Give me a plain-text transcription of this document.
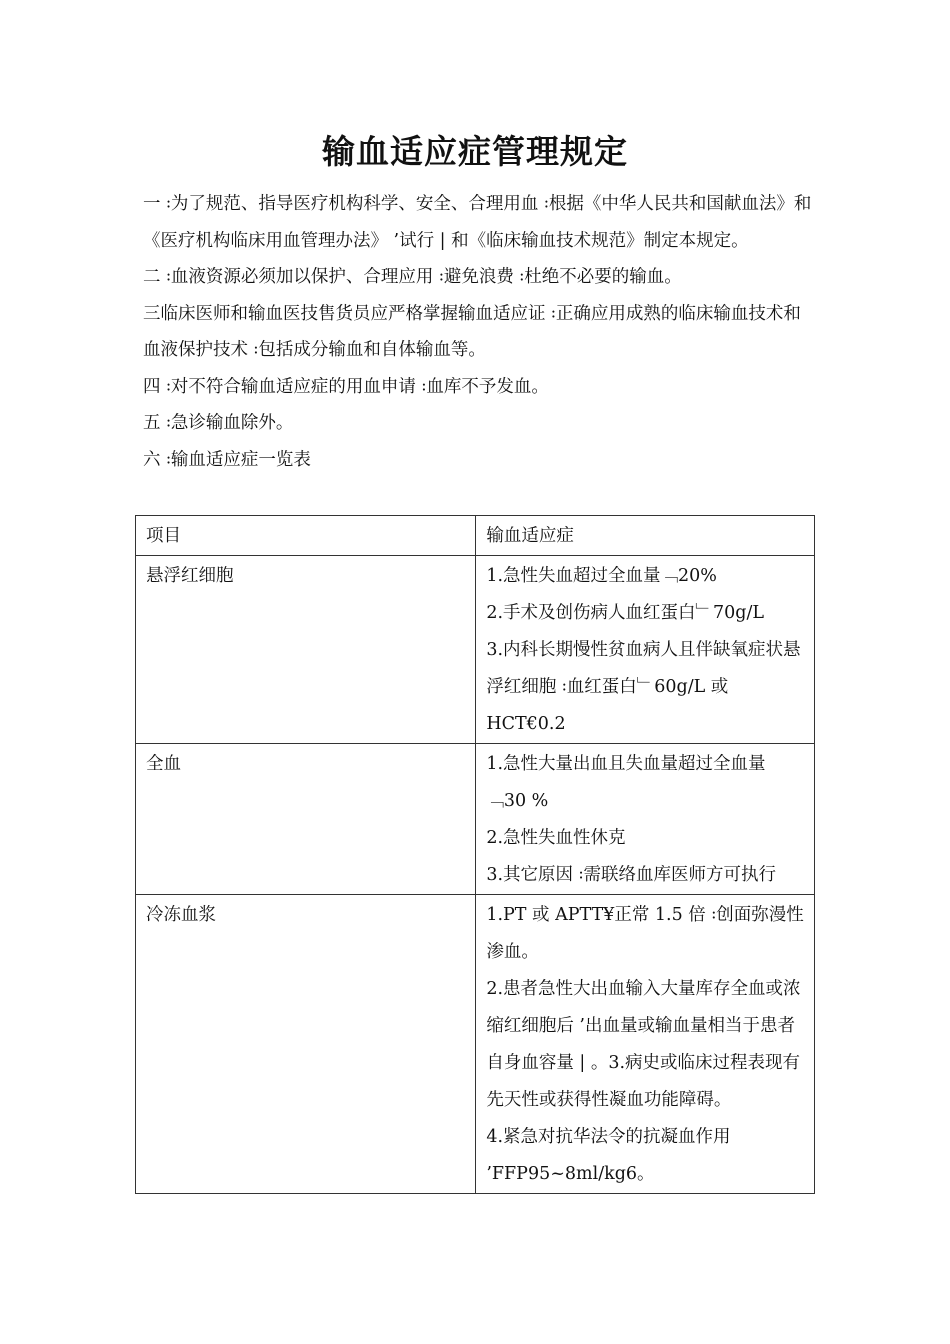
输血适应症管理规定

一 ꞉为了规范、指导医疗机构科学、安全、合理用血 ꞉根据《中华人民共和国献血法》和《医疗机构临床用血管理办法》 ’试行 | 和《临床输血技术规范》制定本规定。

二 ꞉血液资源必须加以保护、合理应用 ꞉避免浪费 ꞉杜绝不必要的输血。

三临床医师和输血医技售货员应严格掌握输血适应证 ꞉正确应用成熟的临床输血技术和血液保护技术 ꞉包括成分输血和自体输血等。

四 ꞉对不符合输血适应症的用血申请 ꞉血库不予发血。

五 ꞉急诊输血除外。

六 ꞉输血适应症一览表

项目	输血适应症
悬浮红细胞	1.急性失血超过全血量﹁20%
2.手术及创伤病人血红蛋白﹂70g/L
3.内科长期慢性贫血病人且伴缺氧症状悬浮红细胞 ꞉血红蛋白﹂60g/L 或HCT€0.2

全血	1.急性大量出血且失血量超过全血量﹁30 %
2.急性失血性休克
3.其它原因 ꞉需联络血库医师方可执行

冷冻血浆	1.PT 或 APTT¥正常 1.5 倍 ꞉创面弥漫性渗血。
2.患者急性大出血输入大量库存全血或浓缩红细胞后 ’出血量或输血量相当于患者自身血容量 | 。3.病史或临床过程表现有先天性或获得性凝血功能障碍。
4.紧急对抗华法令的抗凝血作用 ’FFP95~8ml/kg6。
